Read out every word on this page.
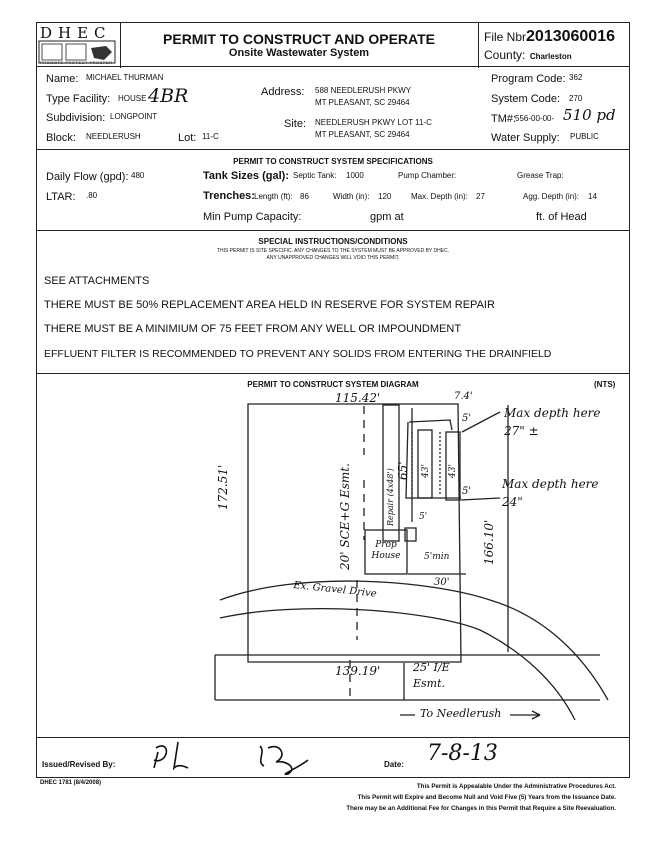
DHEC
PROMOTE PROTECT PROSPER
PERMIT TO CONSTRUCT AND OPERATE
Onsite Wastewater System
File Nbr2013060016
County: Charleston
Name: MICHAEL THURMAN
Type Facility: HOUSE 4BR
Subdivision: LONGPOINT
Block: NEEDLERUSH	Lot: 11-C
Address: 588 NEEDLERUSH PKWY
MT PLEASANT, SC 29464
Site: NEEDLERUSH PKWY LOT 11-C
MT PLEASANT, SC 29464
Program Code: 362
System Code: 270
TM#:
556-00-00- 510 pd
Water Supply: PUBLIC
PERMIT TO CONSTRUCT SYSTEM SPECIFICATIONS
Daily Flow (gpd): 480	Tank Sizes (gal): Septic Tank: 1000	Pump Chamber:	Grease Trap:
LTAR: .80	Trenches: Length (ft): 86	Width (in): 120 Max. Depth (in): 27	Agg. Depth (in): 14
Min Pump Capacity:	gpm at	ft. of Head
SPECIAL INSTRUCTIONS/CONDITIONS
THIS PERMIT IS SITE SPECIFIC. ANY CHANGES TO THE SYSTEM MUST BE APPROVED BY DHEC.
ANY UNAPPROVED CHANGES WILL VOID THIS PERMIT.
SEE ATTACHMENTS
THERE MUST BE 50% REPLACEMENT AREA HELD IN RESERVE FOR SYSTEM REPAIR
THERE MUST BE A MINIMIUM OF 75 FEET FROM ANY WELL OR IMPOUNDMENT
EFFLUENT FILTER IS RECOMMENDED TO PREVENT ANY SOLIDS FROM ENTERING THE DRAINFIELD
PERMIT TO CONSTRUCT SYSTEM DIAGRAM	(NTS)
115.42'	7.4'
172.51'
166.10'
139.19'
20' SCE+G Esmt.	Repair (4x48')	43' 43'
65'
5'
5'
5'
5'min
30'
Prop House
Max depth here 27" ±
Max depth here 24"
Ex. Gravel Drive
25' I/E Esmt.
To Needlerush
Issued/Revised By:	Date: 7-8-13
DHEC 1781 (8/4/2008)	This Permit is Appealable Under the Administrative Procedures Act.
This Permit will Expire and Become Null and Void Five (5) Years from the Issuance Date.
There may be an Additional Fee for Changes in this Permit that Require a Site Reevaluation.
